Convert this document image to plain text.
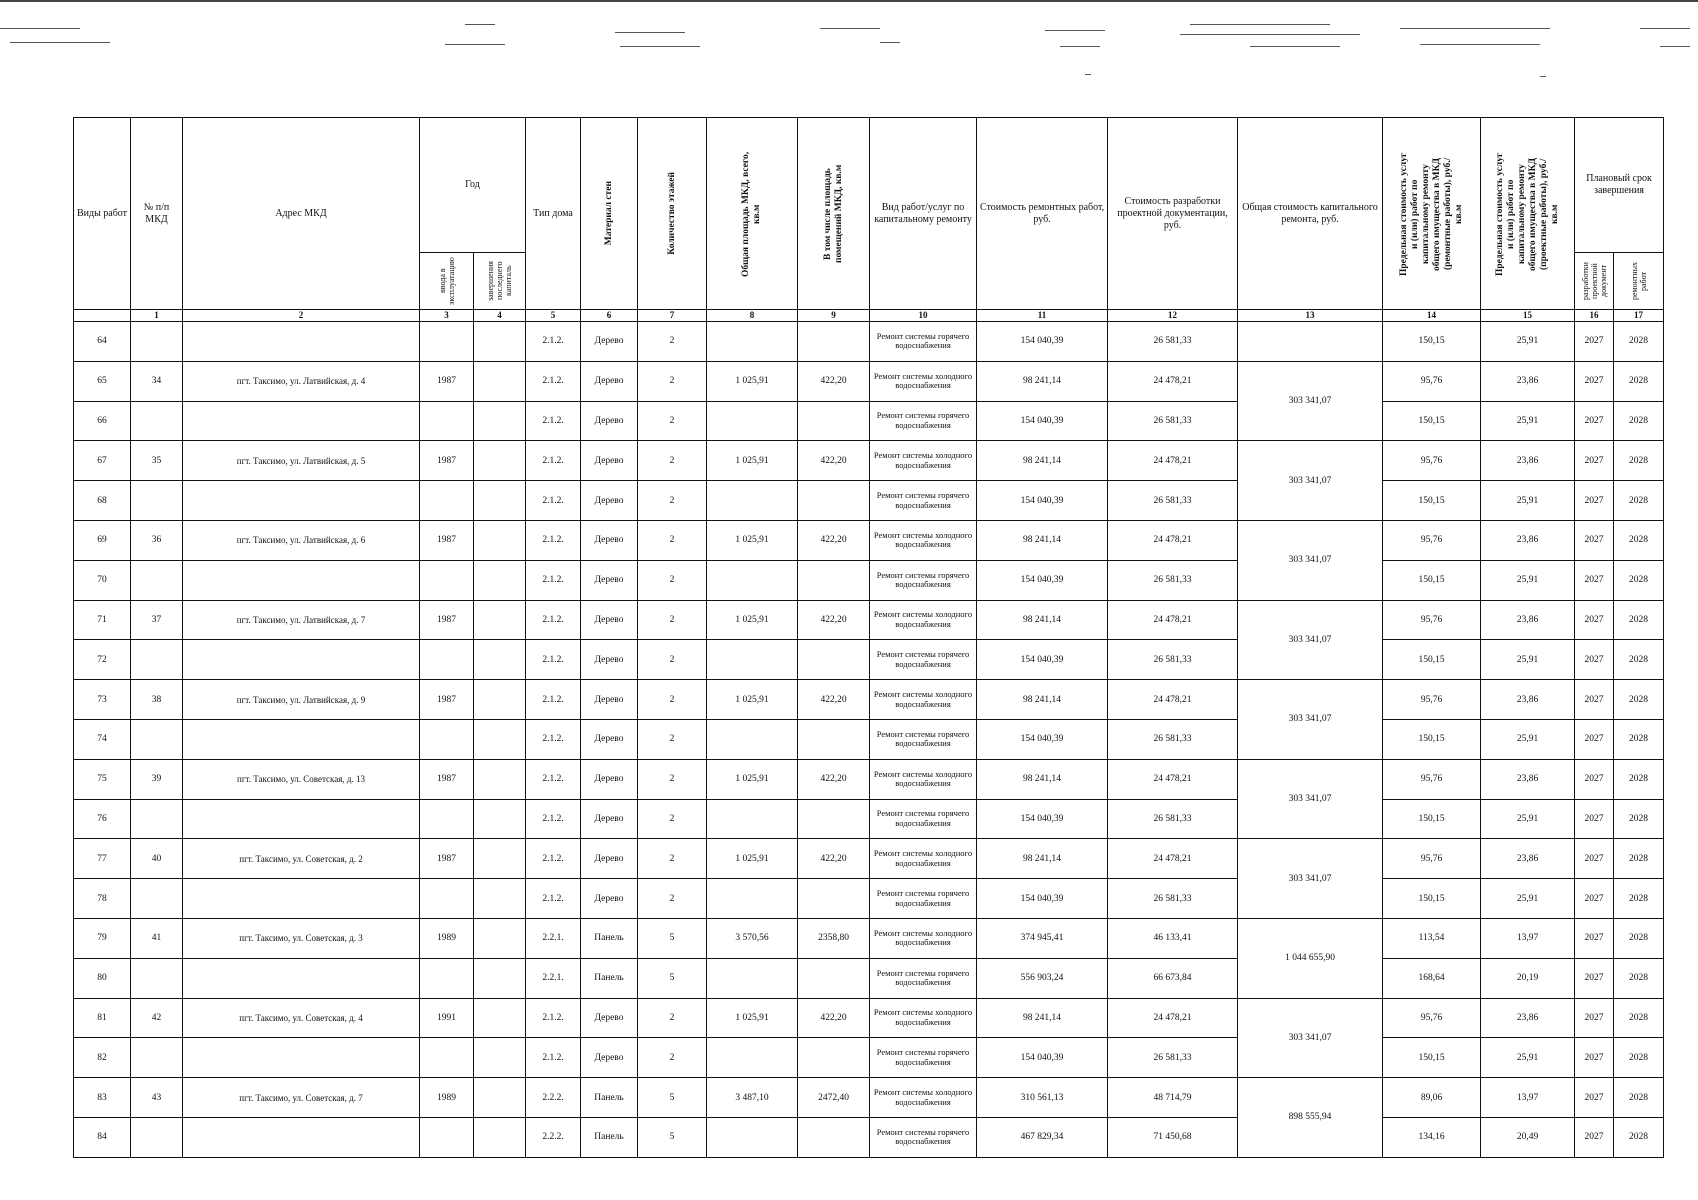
Виды работ	№ п/п МКД	Адрес МКД	Год		Тип дома	Материал стен	Количество этажей	Общая площадь МКД, всего, кв.м	В том числе площадь помещений МКД, кв.м	Вид работ/услуг по капитальному ремонту	Стоимость ремонтных работ, руб.	Стоимость разработки проектной документации, руб.	Общая стоимость капитального ремонта, руб.	Предельная стоимость услуг и (или) работ по капитальному ремонту общего имущества в МКД (ремонтные работы), руб./кв.м	Предельная стоимость услуг и (или) работ по капитальному ремонту общего имущества в МКД (проектные работы), руб./кв.м	Плановый срок завершения	

			ввода в эксплуатацию	завершения последнего капиталь												разработки проектной документ	ремонтных работ

	1	2	3	4	5	6	7	8	9	10	11	12	13	14	15	16	17
64					2.1.2.	Дерево	2			Ремонт системы горячего водоснабжения	154 040,39	26 581,33		150,15	25,91	2027	2028
65	34	пгт. Таксимо, ул. Латвийская, д. 4	1987		2.1.2.	Дерево	2	1 025,91	422,20	Ремонт системы холодного водоснабжения	98 241,14	24 478,21	303 341,07	95,76	23,86	2027	2028
66					2.1.2.	Дерево	2			Ремонт системы горячего водоснабжения	154 040,39	26 581,33		150,15	25,91	2027	2028
67	35	пгт. Таксимо, ул. Латвийская, д. 5	1987		2.1.2.	Дерево	2	1 025,91	422,20	Ремонт системы холодного водоснабжения	98 241,14	24 478,21	303 341,07	95,76	23,86	2027	2028
68					2.1.2.	Дерево	2			Ремонт системы горячего водоснабжения	154 040,39	26 581,33		150,15	25,91	2027	2028
69	36	пгт. Таксимо, ул. Латвийская, д. 6	1987		2.1.2.	Дерево	2	1 025,91	422,20	Ремонт системы холодного водоснабжения	98 241,14	24 478,21	303 341,07	95,76	23,86	2027	2028
70					2.1.2.	Дерево	2			Ремонт системы горячего водоснабжения	154 040,39	26 581,33		150,15	25,91	2027	2028
71	37	пгт. Таксимо, ул. Латвийская, д. 7	1987		2.1.2.	Дерево	2	1 025,91	422,20	Ремонт системы холодного водоснабжения	98 241,14	24 478,21	303 341,07	95,76	23,86	2027	2028
72					2.1.2.	Дерево	2			Ремонт системы горячего водоснабжения	154 040,39	26 581,33		150,15	25,91	2027	2028
73	38	пгт. Таксимо, ул. Латвийская, д. 9	1987		2.1.2.	Дерево	2	1 025,91	422,20	Ремонт системы холодного водоснабжения	98 241,14	24 478,21	303 341,07	95,76	23,86	2027	2028
74					2.1.2.	Дерево	2			Ремонт системы горячего водоснабжения	154 040,39	26 581,33		150,15	25,91	2027	2028
75	39	пгт. Таксимо, ул. Советская, д. 13	1987		2.1.2.	Дерево	2	1 025,91	422,20	Ремонт системы холодного водоснабжения	98 241,14	24 478,21	303 341,07	95,76	23,86	2027	2028
76					2.1.2.	Дерево	2			Ремонт системы горячего водоснабжения	154 040,39	26 581,33		150,15	25,91	2027	2028
77	40	пгт. Таксимо, ул. Советская, д. 2	1987		2.1.2.	Дерево	2	1 025,91	422,20	Ремонт системы холодного водоснабжения	98 241,14	24 478,21	303 341,07	95,76	23,86	2027	2028
78					2.1.2.	Дерево	2			Ремонт системы горячего водоснабжения	154 040,39	26 581,33		150,15	25,91	2027	2028
79	41	пгт. Таксимо, ул. Советская, д. 3	1989		2.2.1.	Панель	5	3 570,56	2358,80	Ремонт системы холодного водоснабжения	374 945,41	46 133,41	1 044 655,90	113,54	13,97	2027	2028
80					2.2.1.	Панель	5			Ремонт системы горячего водоснабжения	556 903,24	66 673,84		168,64	20,19	2027	2028
81	42	пгт. Таксимо, ул. Советская, д. 4	1991		2.1.2.	Дерево	2	1 025,91	422,20	Ремонт системы холодного водоснабжения	98 241,14	24 478,21	303 341,07	95,76	23,86	2027	2028
82					2.1.2.	Дерево	2			Ремонт системы горячего водоснабжения	154 040,39	26 581,33		150,15	25,91	2027	2028
83	43	пгт. Таксимо, ул. Советская, д. 7	1989		2.2.2.	Панель	5	3 487,10	2472,40	Ремонт системы холодного водоснабжения	310 561,13	48 714,79	898 555,94	89,06	13,97	2027	2028
84					2.2.2.	Панель	5			Ремонт системы горячего водоснабжения	467 829,34	71 450,68		134,16	20,49	2027	2028
